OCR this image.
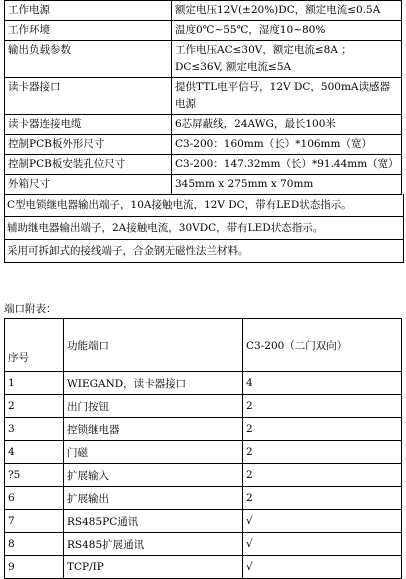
工作电源	额定电压12V(±20%)DC，额定电流≤0.5A
工作环境	温度0℃~55℃，湿度10~80%
输出负载参数	工作电压AC≤30V，额定电流≤8A ；DC≤36V, 额定电流≤5A
读卡器接口	提供TTL电平信号，12V DC，500mA读感器电源
读卡器连接电缆	6芯屏蔽线，24AWG，最长100米
控制PCB板外形尺寸	C3-200：160mm（长）*106mm（宽）
控制PCB板安装孔位尺寸	C3-200：147.32mm（长）*91.44mm（宽）
外箱尺寸	345mm x 275mm x 70mm
C型电锁继电器输出端子，10A接触电流，12V DC，带有LED状态指示。
辅助继电器输出端子，2A接触电流，30VDC，带有LED状态指示。
采用可拆卸式的接线端子，合金钢无磁性法兰材料。
端口附表：
序号	功能端口	C3-200（二门双向）
1	WIEGAND，读卡器接口	4
2	出门按钮	2
3	控锁继电器	2
4	门磁	2
?5	扩展输入	2
6	扩展输出	2
7	RS485PC通讯	√
8	RS485扩展通讯	√
9	TCP/IP	√
